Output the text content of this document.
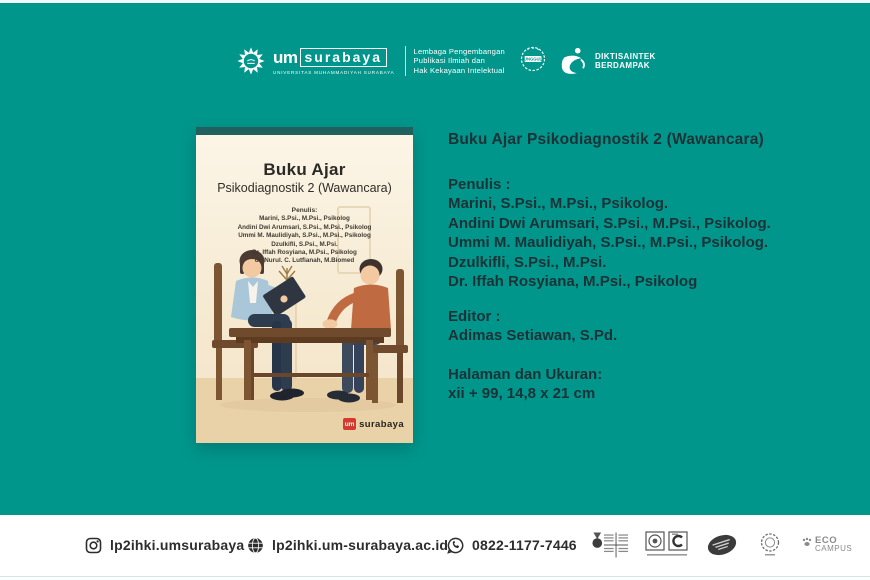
um surabaya
UNIVERSITAS MUHAMMADIYAH SURABAYA
Lembaga Pengembangan
Publikasi Ilmiah dan
Hak Kekayaan Intelektual
UNGGUL	DIKTISAINTEK
BERDAMPAK
Buku Ajar
Psikodiagnostik 2 (Wawancara)
Penulis:
Marini, S.Psi., M.Psi., Psikolog
Andini Dwi Arumsari, S.Psi., M.Psi., Psikolog
Ummi M. Maulidiyah, S.Psi., M.Psi., Psikolog
Dzulkifli, S.Psi., M.Psi.
Dr. Iffah Rosyiana, M.Psi., Psikolog
dr. Nurul. C. Lutfianah, M.Biomed
um surabaya
Buku Ajar Psikodiagnostik 2 (Wawancara)
Penulis :
Marini, S.Psi., M.Psi., Psikolog.
Andini Dwi Arumsari, S.Psi., M.Psi., Psikolog.
Ummi M. Maulidiyah, S.Psi., M.Psi., Psikolog.
Dzulkifli, S.Psi., M.Psi.
Dr. Iffah Rosyiana, M.Psi., Psikolog
Editor :
Adimas Setiawan, S.Pd.
Halaman dan Ukuran:
xii + 99, 14,8 x 21 cm
lp2ihki.umsurabaya lp2ihki.um-surabaya.ac.id 0822-1177-7446	ECO
CAMPUS
